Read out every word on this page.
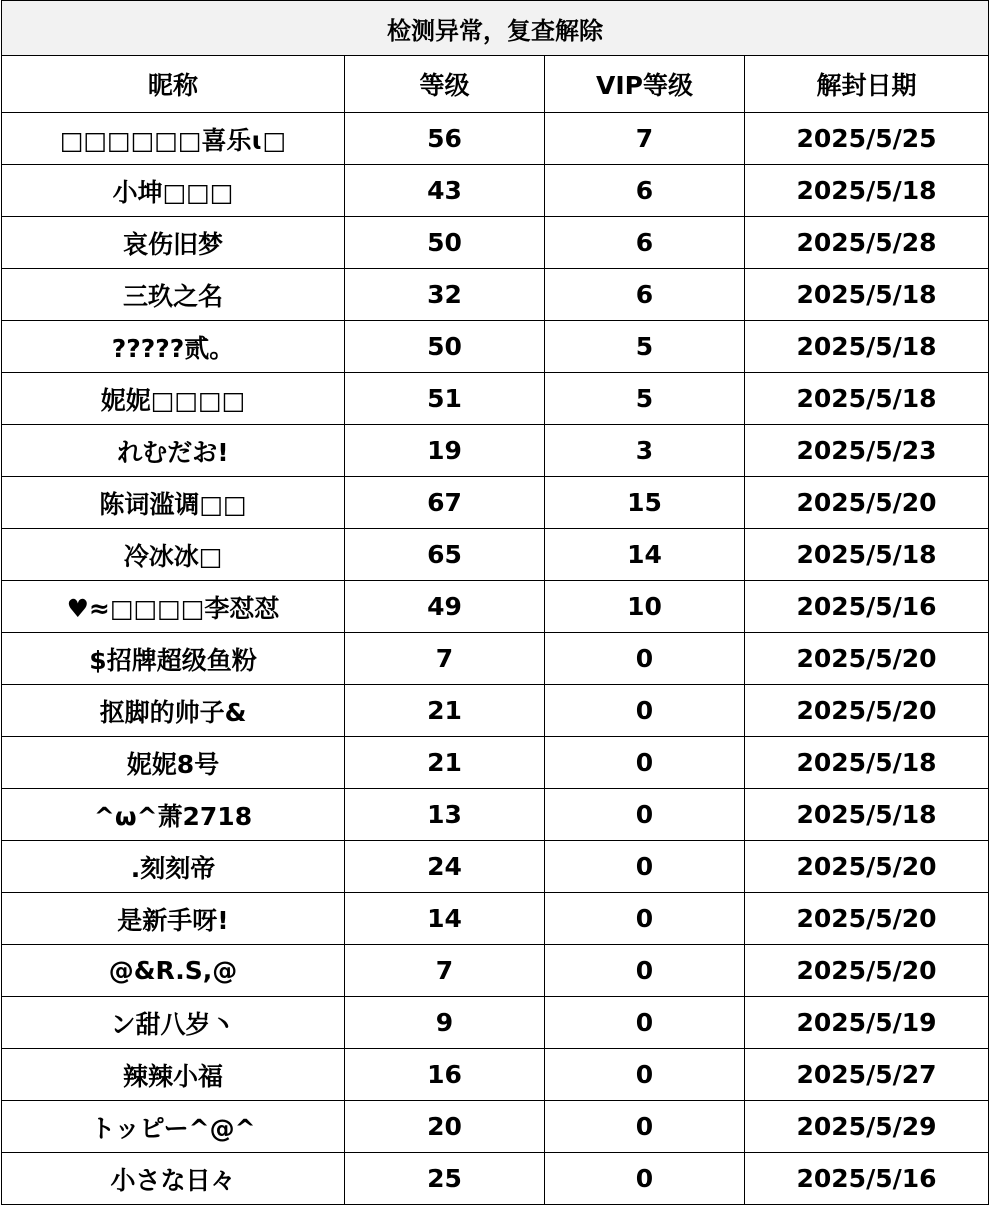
检测异常，复查解除			
昵称	等级	VIP等级	解封日期
□□□□□□喜乐ɩ□	56	7	2025/5/25
小坤□□□	43	6	2025/5/18
哀伤旧梦	50	6	2025/5/28
三玖之名	32	6	2025/5/18
?????贰。	50	5	2025/5/18
妮妮□□□□	51	5	2025/5/18
れむだお!	19	3	2025/5/23
陈词滥调□□	67	15	2025/5/20
冷冰冰□	65	14	2025/5/18
♥≈□□□□李怼怼	49	10	2025/5/16
$招牌超级鱼粉	7	0	2025/5/20
抠脚的帅子&	21	0	2025/5/20
妮妮8号	21	0	2025/5/18
^ω^萧2718	13	0	2025/5/18
.刻刻帝	24	0	2025/5/20
是新手呀!	14	0	2025/5/20
@&R.S,@	7	0	2025/5/20
ン甜八岁丶	9	0	2025/5/19
辣辣小福	16	0	2025/5/27
トッピー^@^	20	0	2025/5/29
小さな日々	25	0	2025/5/16
